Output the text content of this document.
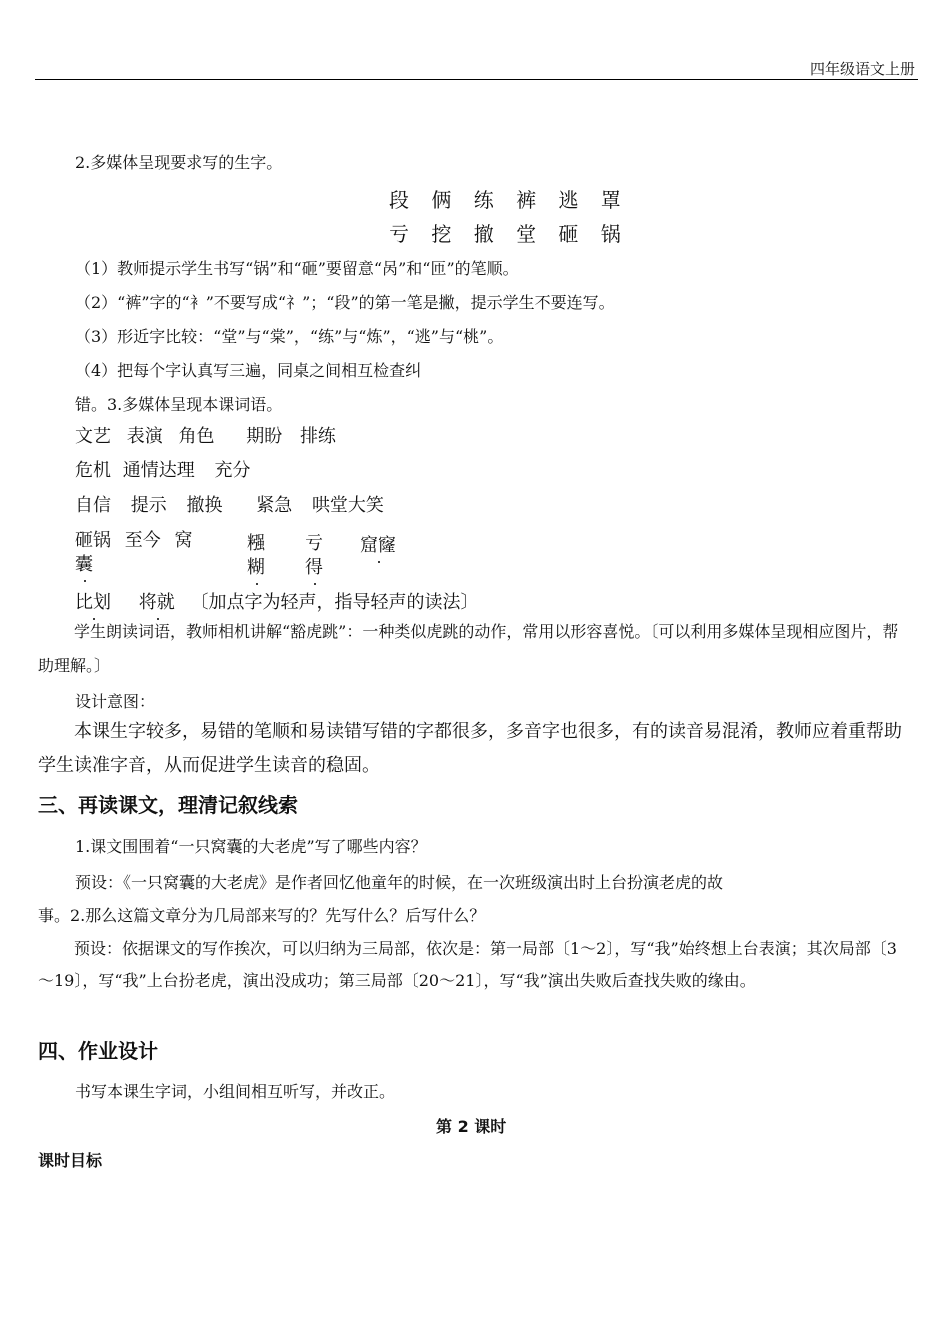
四年级语文上册
2.多媒体呈现要求写的生字。
段 俩 练 裤 逃 罩
亏 挖 撤 堂 砸 锅
（1）教师提示学生书写“锅”和“砸”要留意“呙”和“匝”的笔顺。
（2）“裤”字的“衤”不要写成“礻”；“段”的第一笔是撇，提示学生不要连写。
（3）形近字比较：“堂”与“棠”，“练”与“炼”，“逃”与“桃”。
（4）把每个字认真写三遍，同桌之间相互检查纠
错。3.多媒体呈现本课词语。
文艺 表演 角色 期盼 排练
危机 通情达理 充分
自信 提示 撤换 紧急 哄堂大笑
砸锅 至今 窝
囊
糨
糊
亏
得
窟窿
比划 将就 〔加点字为轻声，指导轻声的读法〕
学生朗读词语，教师相机讲解“豁虎跳”：一种类似虎跳的动作，常用以形容喜悦。〔可以利用多媒体呈现相应图片，帮助理解。〕
设计意图：
本课生字较多，易错的笔顺和易读错写错的字都很多，多音字也很多，有的读音易混淆，教师应着重帮助学生读准字音，从而促进学生读音的稳固。
三、再读课文，理清记叙线索
1.课文围围着“一只窝囊的大老虎”写了哪些内容？
预设：《一只窝囊的大老虎》是作者回忆他童年的时候，在一次班级演出时上台扮演老虎的故
事。2.那么这篇文章分为几局部来写的？先写什么？后写什么？
预设：依据课文的写作挨次，可以归纳为三局部，依次是：第一局部〔1～2〕，写“我”始终想上台表演；其次局部〔3～19〕，写“我”上台扮老虎，演出没成功；第三局部〔20～21〕，写“我”演出失败后查找失败的缘由。
四、作业设计
书写本课生字词，小组间相互听写，并改正。
第 2 课时
课时目标
